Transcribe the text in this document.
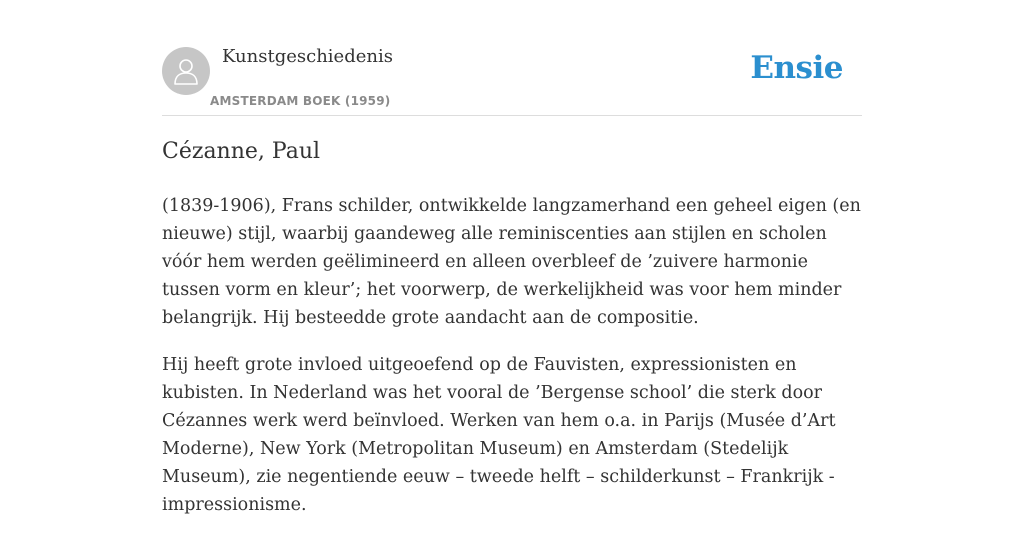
Kunstgeschiedenis
AMSTERDAM BOEK (1959)
Ensie
Cézanne, Paul

(1839-1906), Frans schilder, ontwikkelde langzamerhand een geheel eigen (en nieuwe) stijl, waarbij gaandeweg alle reminiscenties aan stijlen en scholen vóór hem werden geëlimineerd en alleen overbleef de ’zuivere harmonie tussen vorm en kleur’; het voorwerp, de werkelijkheid was voor hem minder belangrijk. Hij besteedde grote aandacht aan de compositie.

Hij heeft grote invloed uitgeoefend op de Fauvisten, expressionisten en kubisten. In Nederland was het vooral de ’Bergense school’ die sterk door Cézannes werk werd beïnvloed. Werken van hem o.a. in Parijs (Musée d’Art Moderne), New York (Metropolitan Museum) en Amsterdam (Stedelijk Museum), zie negentiende eeuw – tweede helft – schilderkunst – Frankrijk - impressionisme.
